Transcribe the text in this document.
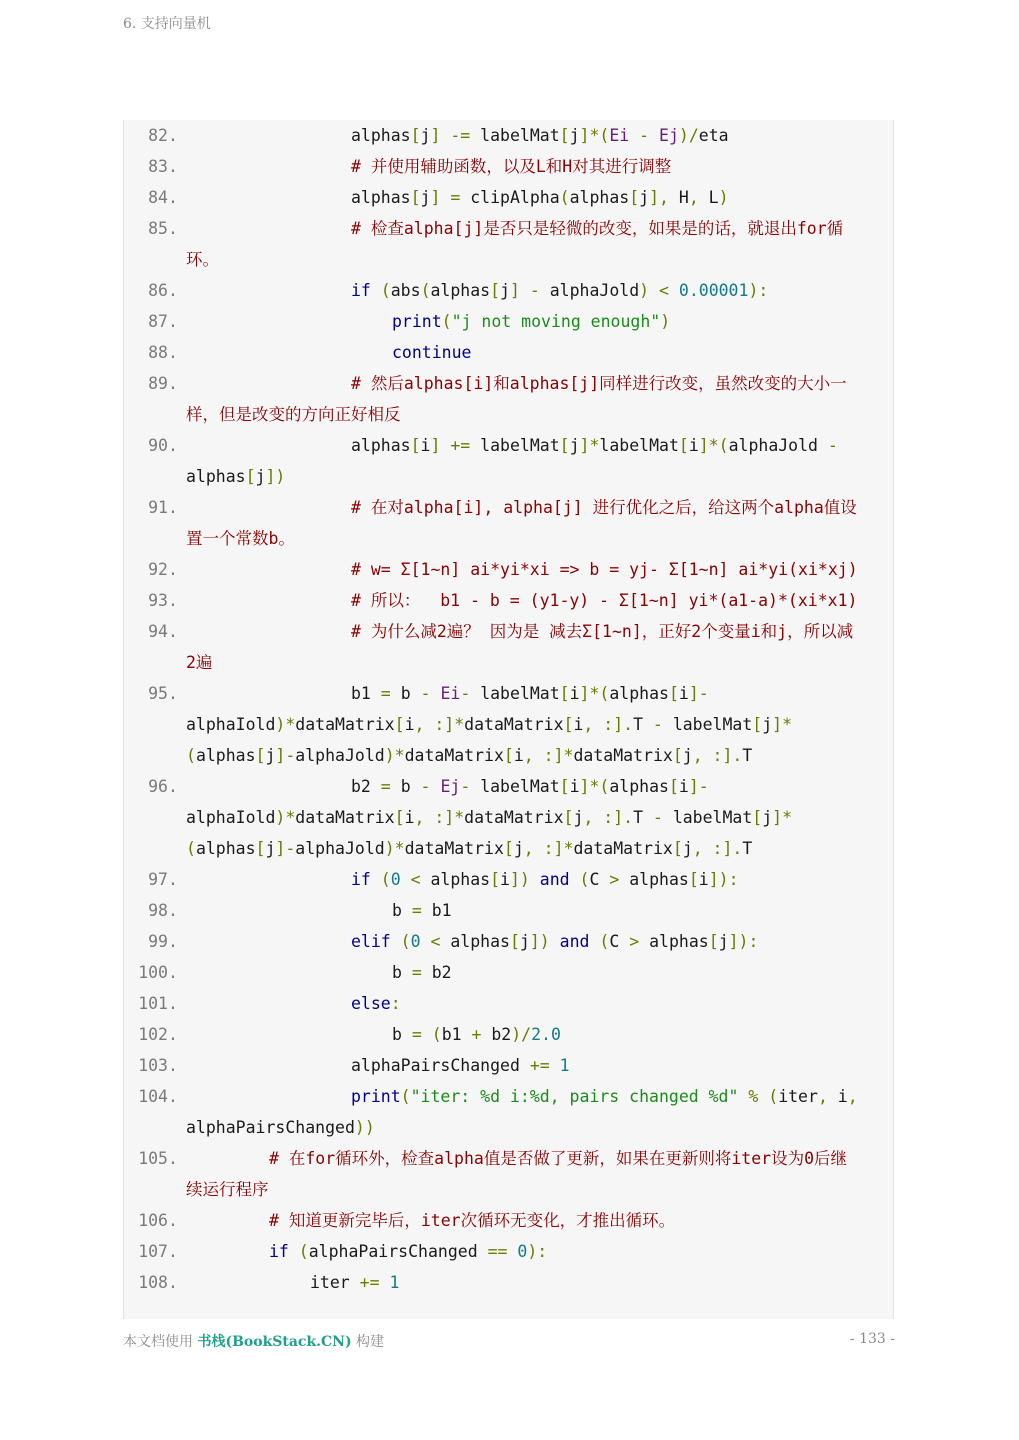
6. 支持向量机
82 .	alphas[j] -= labelMat[j]*(Ei - Ej)/eta
83 .	# 并使用辅助函数，以及L和H对其进行调整
84 .	alphas[j] = clipAlpha(alphas[j], H, L)
85 .	# 检查alpha[j]是否只是轻微的改变，如果是的话，就退出for循
环。
86 .	if (abs(alphas[j] - alphaJold) < 0.00001):
87 .	print("j not moving enough")
88 .	continue
89 .	# 然后alphas[i]和alphas[j]同样进行改变，虽然改变的大小一
样，但是改变的方向正好相反
90 .	alphas[i] += labelMat[j]*labelMat[i]*(alphaJold -
alphas[j])
91 .	# 在对alpha[i], alpha[j] 进行优化之后，给这两个alpha值设
置一个常数b。
92 .	# w= Σ[1~n] ai*yi*xi => b = yj- Σ[1~n] ai*yi(xi*xj)
93 .	# 所以：  b1 - b = (y1-y) - Σ[1~n] yi*(a1-a)*(xi*x1)
94 .	# 为什么减2遍？ 因为是 减去Σ[1~n]，正好2个变量i和j，所以减
2遍
95 .	b1 = b - Ei- labelMat[i]*(alphas[i]-
alphaIold)*dataMatrix[i, :]*dataMatrix[i, :].T - labelMat[j]*
(alphas[j]-alphaJold)*dataMatrix[i, :]*dataMatrix[j, :].T
96 .	b2 = b - Ej- labelMat[i]*(alphas[i]-
alphaIold)*dataMatrix[i, :]*dataMatrix[j, :].T - labelMat[j]*
(alphas[j]-alphaJold)*dataMatrix[j, :]*dataMatrix[j, :].T
97 .	if (0 < alphas[i]) and (C > alphas[i]):
98 .	b = b1
99 .	elif (0 < alphas[j]) and (C > alphas[j]):
100 .	b = b2
101 .	else:
102 .	b = (b1 + b2)/2.0
103 .	alphaPairsChanged += 1
104 .	print("iter: %d i:%d, pairs changed %d" % (iter, i,
alphaPairsChanged))
105 .	# 在for循环外，检查alpha值是否做了更新，如果在更新则将iter设为0后继
续运行程序
106 .	# 知道更新完毕后，iter次循环无变化，才推出循环。
107 .	if (alphaPairsChanged == 0):
108 .	iter += 1
本文档使用 书栈(BookStack.CN) 构建	- 133 -
